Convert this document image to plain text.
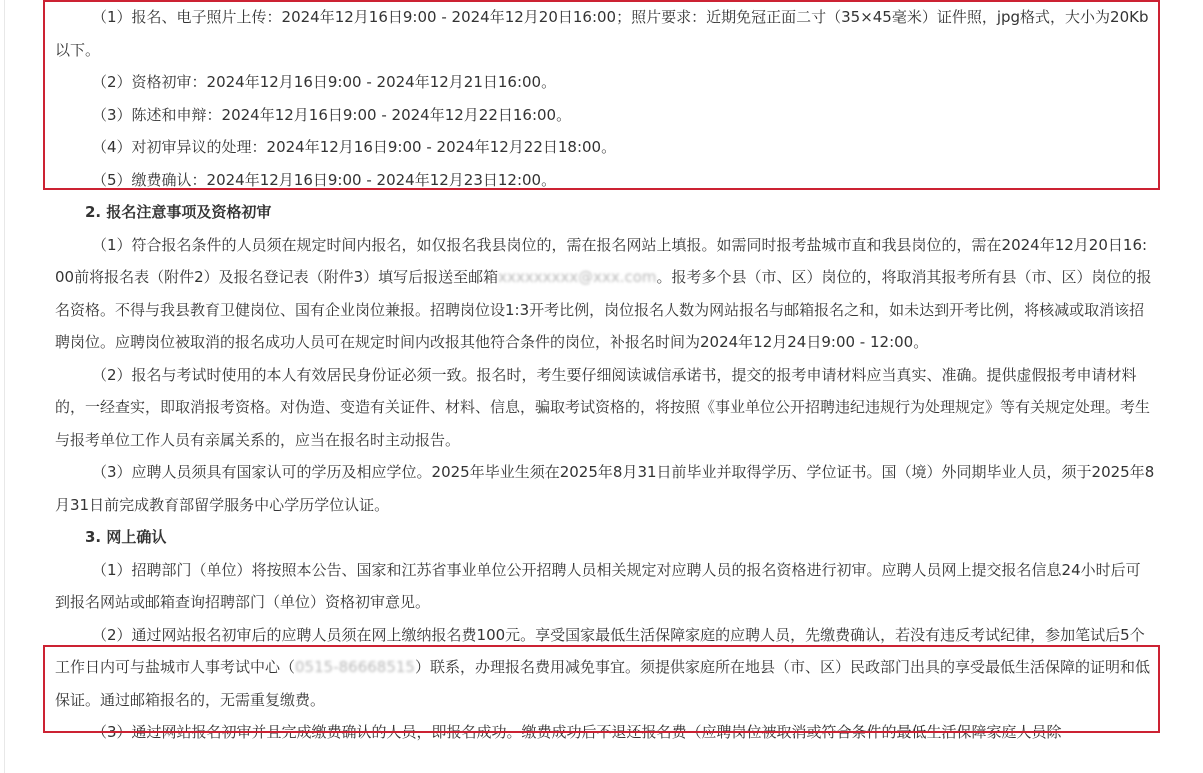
（1）报名、电子照片上传：2024年12月16日9:00 - 2024年12月20日16:00；照片要求：近期免冠正面二寸（35×45毫米）证件照，jpg格式，大小为20Kb以下。

（2）资格初审：2024年12月16日9:00 - 2024年12月21日16:00。

（3）陈述和申辩：2024年12月16日9:00 - 2024年12月22日16:00。

（4）对初审异议的处理：2024年12月16日9:00 - 2024年12月22日18:00。

（5）缴费确认：2024年12月16日9:00 - 2024年12月23日12:00。

2. 报名注意事项及资格初审

（1）符合报名条件的人员须在规定时间内报名，如仅报名我县岗位的，需在报名网站上填报。如需同时报考盐城市直和我县岗位的，需在2024年12月20日16:00前将报名表（附件2）及报名登记表（附件3）填写后报送至邮箱xxxxxxxxx@xxx.com。报考多个县（市、区）岗位的，将取消其报考所有县（市、区）岗位的报名资格。不得与我县教育卫健岗位、国有企业岗位兼报。招聘岗位设1:3开考比例，岗位报名人数为网站报名与邮箱报名之和，如未达到开考比例，将核减或取消该招聘岗位。应聘岗位被取消的报名成功人员可在规定时间内改报其他符合条件的岗位，补报名时间为2024年12月24日9:00 - 12:00。

（2）报名与考试时使用的本人有效居民身份证必须一致。报名时，考生要仔细阅读诚信承诺书，提交的报考申请材料应当真实、准确。提供虚假报考申请材料的，一经查实，即取消报考资格。对伪造、变造有关证件、材料、信息，骗取考试资格的，将按照《事业单位公开招聘违纪违规行为处理规定》等有关规定处理。考生与报考单位工作人员有亲属关系的，应当在报名时主动报告。

（3）应聘人员须具有国家认可的学历及相应学位。2025年毕业生须在2025年8月31日前毕业并取得学历、学位证书。国（境）外同期毕业人员，须于2025年8月31日前完成教育部留学服务中心学历学位认证。

3. 网上确认

（1）招聘部门（单位）将按照本公告、国家和江苏省事业单位公开招聘人员相关规定对应聘人员的报名资格进行初审。应聘人员网上提交报名信息24小时后可到报名网站或邮箱查询招聘部门（单位）资格初审意见。

（2）通过网站报名初审后的应聘人员须在网上缴纳报名费100元。享受国家最低生活保障家庭的应聘人员，先缴费确认，若没有违反考试纪律，参加笔试后5个工作日内可与盐城市人事考试中心（0515-86668515）联系，办理报名费用减免事宜。须提供家庭所在地县（市、区）民政部门出具的享受最低生活保障的证明和低保证。通过邮箱报名的，无需重复缴费。

（3）通过网站报名初审并且完成缴费确认的人员，即报名成功。缴费成功后不退还报名费（应聘岗位被取消或符合条件的最低生活保障家庭人员除
